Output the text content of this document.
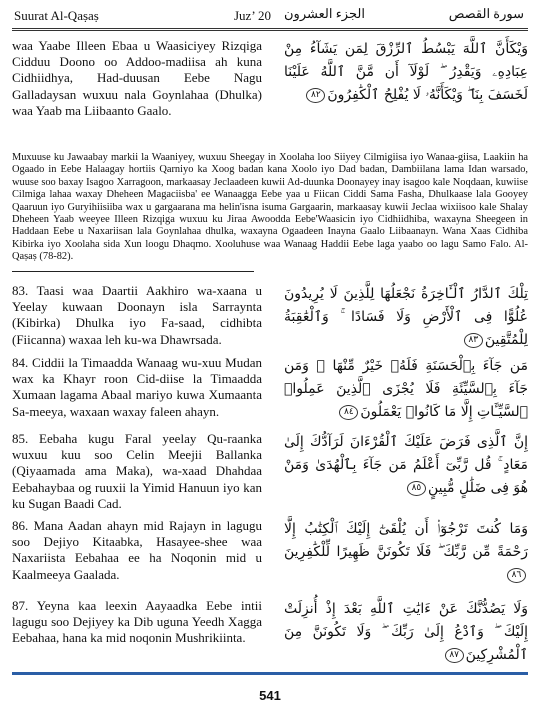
Suurat Al-Qaṣaṣ	Juz’ 20 الجزء العشرون	سورة القصص
waa Yaabe Illeen Ebaa u Waasiciyey Rizqiga Cidduu Doono oo Addoo-madiisa ah kuna Cidhiidhya, Had-duusan Eebe Nagu Galladaysan wuxuu nala Goynlahaa (Dhulka) waa Yaab ma Liibaanto Gaalo.
وَيْكَأَنَّ ٱللَّهَ يَبْسُطُ ٱلرِّزْقَ لِمَن يَشَآءُ مِنْ عِبَادِهِۦ وَيَقْدِرُ ۖ لَوْلَآ أَن مَّنَّ ٱللَّهُ عَلَيْنَا لَخَسَفَ بِنَا ۖ وَيْكَأَنَّهُۥ لَا يُفْلِحُ ٱلْكَٰفِرُونَ٨٢
Muxuuse ku Jawaabay markii la Waaniyey, wuxuu Sheegay in Xoolaha loo Siiyey Cilmigiisa iyo Wanaa-giisa, Laakiin ha Ogaado in Eebe Halaagay hortiis Qarniyo ka Xoog badan kana Xoolo iyo Dad badan, Dambiilana lama Idan warsado, wuuse soo baxay Isagoo Xarragoon, markaasay Jeclaadeen kuwii Ad-duunka Doonayey inay isagoo kale Noqdaan, kuwiise Cilmiga lahaa waxay Dheheen Magaciisba' ee Wanaagga Eebe yaa u Fiican Ciddi Sama Fasha, Dhulkaase lala Gooyey Qaaruun iyo Guryihiisiiba wax u gargaarana ma helin'isna isuma Gargaarin, markaasay kuwii Jeclaa wixiisoo kale Shalay Dheheen Yaab weeyee Illeen Rizqiga wuxuu ku Jiraa Awoodda Eebe'Waasicin iyo Cidhiidhiba, waxayna Sheegeen in Haddaan Eebe u Naxariisan lala Goynlahaa dhulka, waxayna Ogaadeen Inayna Gaalo Liibaanayn. Wana Xaas Cidhiba Kibirka iyo Xoolaha sida Xun loogu Dhaqmo. Xooluhuse waa Wanaag Haddii Eebe laga yaabo oo lagu Samo Falo. Al-Qaṣaṣ (78-82).
83. Taasi waa Daartii Aakhiro wa-xaana u Yeelay kuwaan Doonayn isla Sarraynta (Kibirka) Dhulka iyo Fa-saad, cidhibta (Fiicanna) waxaa leh ku-wa Dhawrsada.
تِلْكَ ٱلدَّارُ ٱلْـَٔاخِرَةُ نَجْعَلُهَا لِلَّذِينَ لَا يُرِيدُونَ عُلُوًّا فِى ٱلْأَرْضِ وَلَا فَسَادًا ۚ وَٱلْعَٰقِبَةُ لِلْمُتَّقِينَ٨٣
84. Ciddii la Timaadda Wanaag wu-xuu Mudan wax ka Khayr roon Cid-diise la Timaadda Xumaan lagama Abaal mariyo kuwa Xumaanta Sa-meeya, waxaan waxay faleen ahayn.
مَن جَآءَ بِٱلْحَسَنَةِ فَلَهُۥ خَيْرٌ مِّنْهَا ۖ وَمَن جَآءَ بِٱلسَّيِّئَةِ فَلَا يُجْزَى ٱلَّذِينَ عَمِلُوا۟ ٱلسَّيِّـَٔاتِ إِلَّا مَا كَانُوا۟ يَعْمَلُونَ٨٤
85. Eebaha kugu Faral yeelay Qu-raanka wuxuu kuu soo Celin Meejii Ballanka (Qiyaamada ama Maka), wa-xaad Dhahdaa Eebahaybaa og ruuxii la Yimid Hanuun iyo kan ku Sugan Baadi Cad.
إِنَّ ٱلَّذِى فَرَضَ عَلَيْكَ ٱلْقُرْءَانَ لَرَآدُّكَ إِلَىٰ مَعَادٍ ۚ قُل رَّبِّىٓ أَعْلَمُ مَن جَآءَ بِٱلْهُدَىٰ وَمَنْ هُوَ فِى ضَلَٰلٍ مُّبِينٍ٨٥
86. Mana Aadan ahayn mid Rajayn in lagugu soo Dejiyo Kitaabka, Hasayee-shee waa Naxariista Eebahaa ee ha Noqonin mid u Kaalmeeya Gaalada.
وَمَا كُنتَ تَرْجُوٓا۟ أَن يُلْقَىٰٓ إِلَيْكَ ٱلْكِتَٰبُ إِلَّا رَحْمَةً مِّن رَّبِّكَ ۖ فَلَا تَكُونَنَّ ظَهِيرًا لِّلْكَٰفِرِينَ٨٦
87. Yeyna kaa leexin Aayaadka Eebe intii lagugu soo Dejiyey ka Dib uguna Yeedh Xagga Eebahaa, hana ka mid noqonin Mushrikiinta.
وَلَا يَصُدُّنَّكَ عَنْ ءَايَٰتِ ٱللَّهِ بَعْدَ إِذْ أُنزِلَتْ إِلَيْكَ ۖ وَٱدْعُ إِلَىٰ رَبِّكَ ۖ وَلَا تَكُونَنَّ مِنَ ٱلْمُشْرِكِينَ٨٧
541
